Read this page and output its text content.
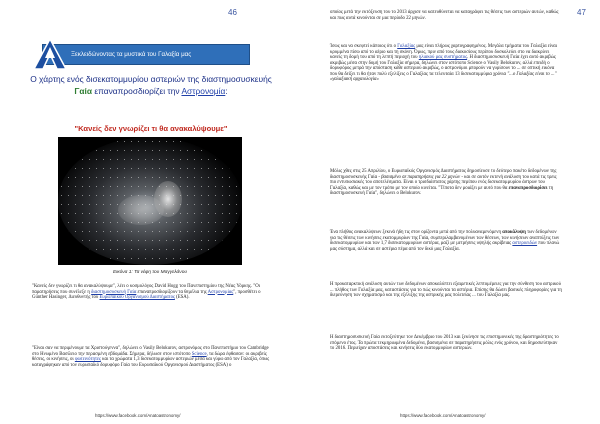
46
Ξεκλειδώνοντας τα μυστικά του Γαλαξία μας
Ο χάρτης ενός δισεκατομμυρίου αστεριών της διαστημοσυσκευής Γαία επαναπροσδιορίζει την Αστρονομία:
"Κανείς δεν γνωρίζει τι θα ανακαλύψουμε"
Εικόνα 1: Τα νέφη του Μαγγελάνου
"Κανείς δεν γνωρίζει τι θα ανακαλύψουμε", λέει ο κοσμολόγος David Hogg του Πανεπιστημίου της Νέας Υόρκης. "Οι παρατηρήσεις που συνέλεξε η διαστημοσυσκευή Γαία επαναπροσδιορίζουν τα θεμέλια της Αστρονομίας", προσθέτει ο Günther Hasinger, Διευθυντής του Ευρωπαϊκού Οργανισμού Διαστήματος (ESA).
"Είναι σαν να περιμένουμε τα Χριστούγεννα", δηλώνει ο Vasily Belokurov, αστρονόμος στο Πανεπιστήμιο του Cambridge στο Ηνωμένο Βασίλειο την περασμένη εβδομάδα. Σήμερα, δήλωσε στον ιστότοπο Science, τα δώρα έφθασαν: οι ακριβείς θέσεις, οι κινήσεις, οι φωτεινότητες και τα χρώματα 1,3 δισεκατομμυρίων αστεριών μέσα και γύρω από τον Γαλαξία, όπως καταγράφηκαν από τον ευρωπαϊκό δορυφόρο Γαία του Ευρωπαϊκού Οργανισμού Διαστήματος (ESA) ο
https://www.facebook.com/Anatoastronomy/
47
οποίος μετά την εκτόξευση του το 2013 άρχισε να κατευθύνεται να καταγράφει τις θέσεις των αστεριών αυτών, καθώς και πως αυτά κινούνται σε μια περίοδο 22 μηνών.
Ίσως και να σκεφτεί κάποιος ότι ο Γαλαξίας μας είναι πλήρως χαρτογραφημένος. Μεγάλα τμήματα του Γαλαξία είναι κρυμμένα πίσω από το αέριο και τη σκόνη. Όμως, πριν από τους διακοσίους περίπου δυσκολεύει στο να διακρίνει κανείς τη δομή του από τη λεπτή περιοχή του ηλιακού μας συστήματος. Η διαστημοσυσκευή Γαία έχει αυτό ακριβώς ακριβώς μέσα στην δομή του Γαλαξία σήμερα, δηλώνει στον ιστότοπο Science ο Vasily Belokurov, αλλά επειδή ο δορυφόρος μετρά την απόσταση κάθε αστεριού ακριβώς, ο αστρονόμοι μπορούν να γυρίσουν το ... σε οπτική εικόνα που θα δείξει τι θα ήταν πολύ εξελίξεις ο Γαλαξίας τα τελευταία 13 δισεκατομμύρια χρόνια "...ο Γαλαξίας είναι το ..." «γαλαξιακή αρχαιολογία»
Μόλις χθες στις 25 Απριλίου, ο Ευρωπαϊκός Οργανισμός Διαστήματος δημοσίευσε το δεύτερο πακέτο δεδομένων της διαστημοσυσκευής Γαία - βασισμένο σε παρατηρήσεις για 22 μηνών - και σε αυτόν εκτενή ανάλυση του κατά τις τρεις πιο εντυπωσιακές του αποτελέσματα. Είναι ο τρισδιάστατος χάρτης περίπου ενός δισεκατομμυρίου άστρων του Γαλαξία, καθώς και με τον τρόπο με τον οποίο κινείται. "Τίποτα δεν μοιάζει με αυτό που θα επαναπροσδιορίσει τη διαστημοσυσκευή Γαία", δηλώνει ο Belokurov.
Ένα πλήθος ανακαλύψεων ξεκινά ήδη τις στον ορίζοντα μετά από την πολυαναμενόμενη αποκάλυψη των δεδομένων για τις θέσεις των κινήσεις εκατομμυρίων της Γαία, συμπεριλαμβανομένων των θέσεων, των κινήσεων αναπτύξεις των δισεκατομμυρίων και των 1,7 δισεκατομμυρίων αστέρια, μαζί με μετρήσεις υψηλής ακρίβειας αστεροειδών που πλανώ μας σύστημα, αλλά και σε αστέρια πέρα από τον δικό μας Γαλαξία.
Η προκαταρκτική ανάλυση αυτών των δεδομένων αποκαλύπτει εξαιρετικές λεπτομέρειες για την σύνθεση του αστρικού ... πλήθος των Γαλαξία μας, καταστάσεις για το πώς κινούνται τα αστέρια. Επίσης θα δώσει βασικές πληροφορίες για τη διερεύνηση των σχηματισμό και της εξέλιξης της αστρικής μας πολιτείας ... του Γαλαξία μας.
Η διαστημοσυσκευή Γαία εκτοξεύτηκε τον Δεκέμβριο του 2013 και ξεκίνησε τις επιστημονικές της δραστηριότητες το επόμενο έτος. Τα πρώτα τεκμηριωμένα δεδομένα, βασισμένα σε παρατηρήσεις μόλις ενός χρόνου, και δημοσιεύτηκαν το 2016. Περιείχαν αποστάσεις και κινήσεις δύο εκατομμυρίων αστεριών.
https://www.facebook.com/Anatoastronomy/
